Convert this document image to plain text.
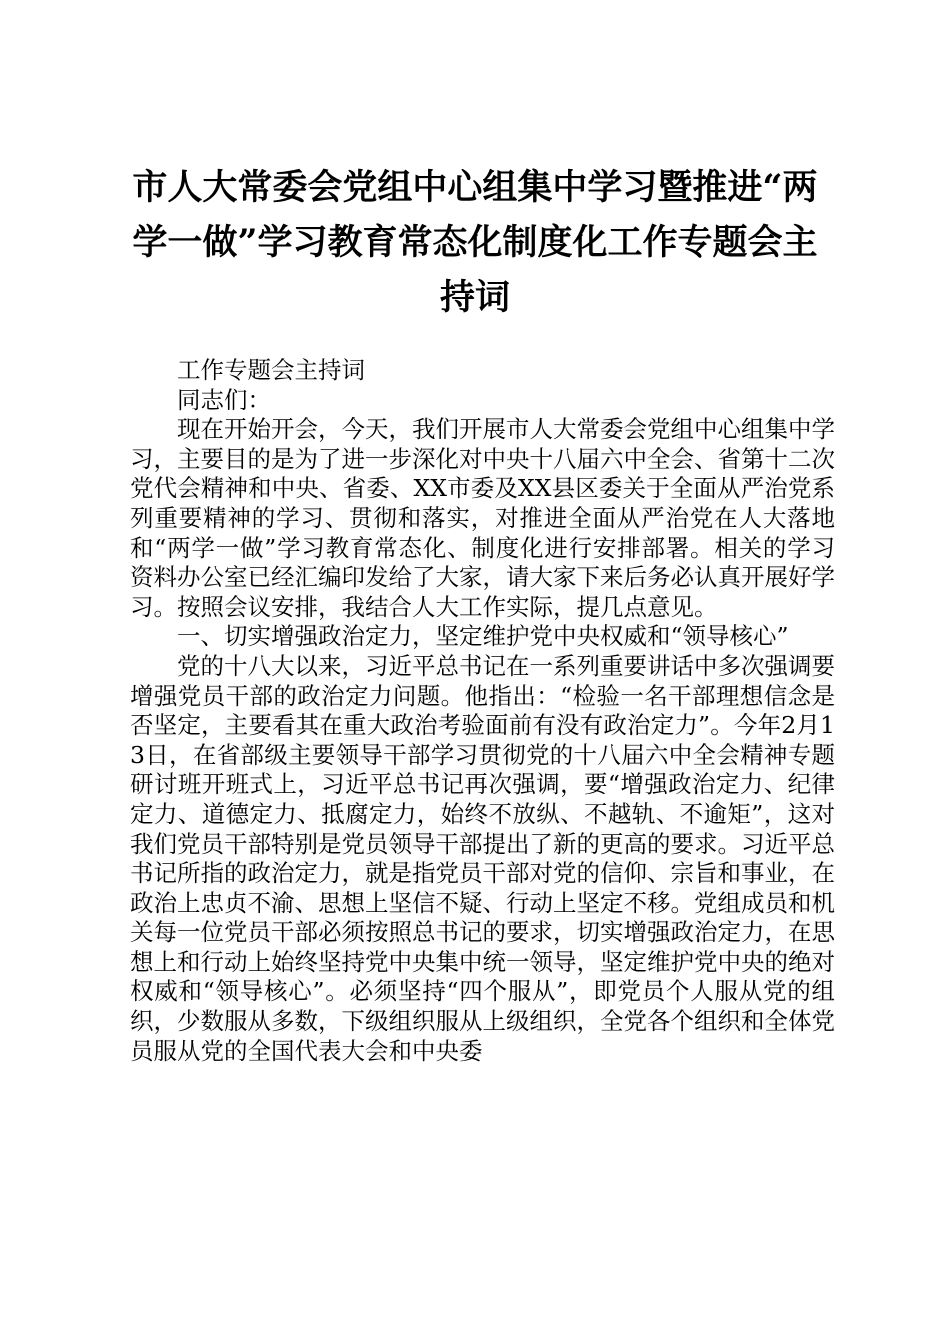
市人大常委会党组中心组集中学习暨推进“两学一做”学习教育常态化制度化工作专题会主持词

工作专题会主持词

同志们：

现在开始开会，今天，我们开展市人大常委会党组中心组集中学习，主要目的是为了进一步深化对中央十八届六中全会、省第十二次党代会精神和中央、省委、XX市委及XX县区委关于全面从严治党系列重要精神的学习、贯彻和落实，对推进全面从严治党在人大落地和“两学一做”学习教育常态化、制度化进行安排部署。相关的学习资料办公室已经汇编印发给了大家，请大家下来后务必认真开展好学习。按照会议安排，我结合人大工作实际，提几点意见。

一、切实增强政治定力，坚定维护党中央权威和“领导核心”

党的十八大以来，习近平总书记在一系列重要讲话中多次强调要增强党员干部的政治定力问题。他指出：“检验一名干部理想信念是否坚定，主要看其在重大政治考验面前有没有政治定力”。今年2月13日，在省部级主要领导干部学习贯彻党的十八届六中全会精神专题研讨班开班式上，习近平总书记再次强调，要“增强政治定力、纪律定力、道德定力、抵腐定力，始终不放纵、不越轨、不逾矩”，这对我们党员干部特别是党员领导干部提出了新的更高的要求。习近平总书记所指的政治定力，就是指党员干部对党的信仰、宗旨和事业，在政治上忠贞不渝、思想上坚信不疑、行动上坚定不移。党组成员和机关每一位党员干部必须按照总书记的要求，切实增强政治定力，在思想上和行动上始终坚持党中央集中统一领导，坚定维护党中央的绝对权威和“领导核心”。必须坚持“四个服从”，即党员个人服从党的组织，少数服从多数，下级组织服从上级组织，全党各个组织和全体党员服从党的全国代表大会和中央委
